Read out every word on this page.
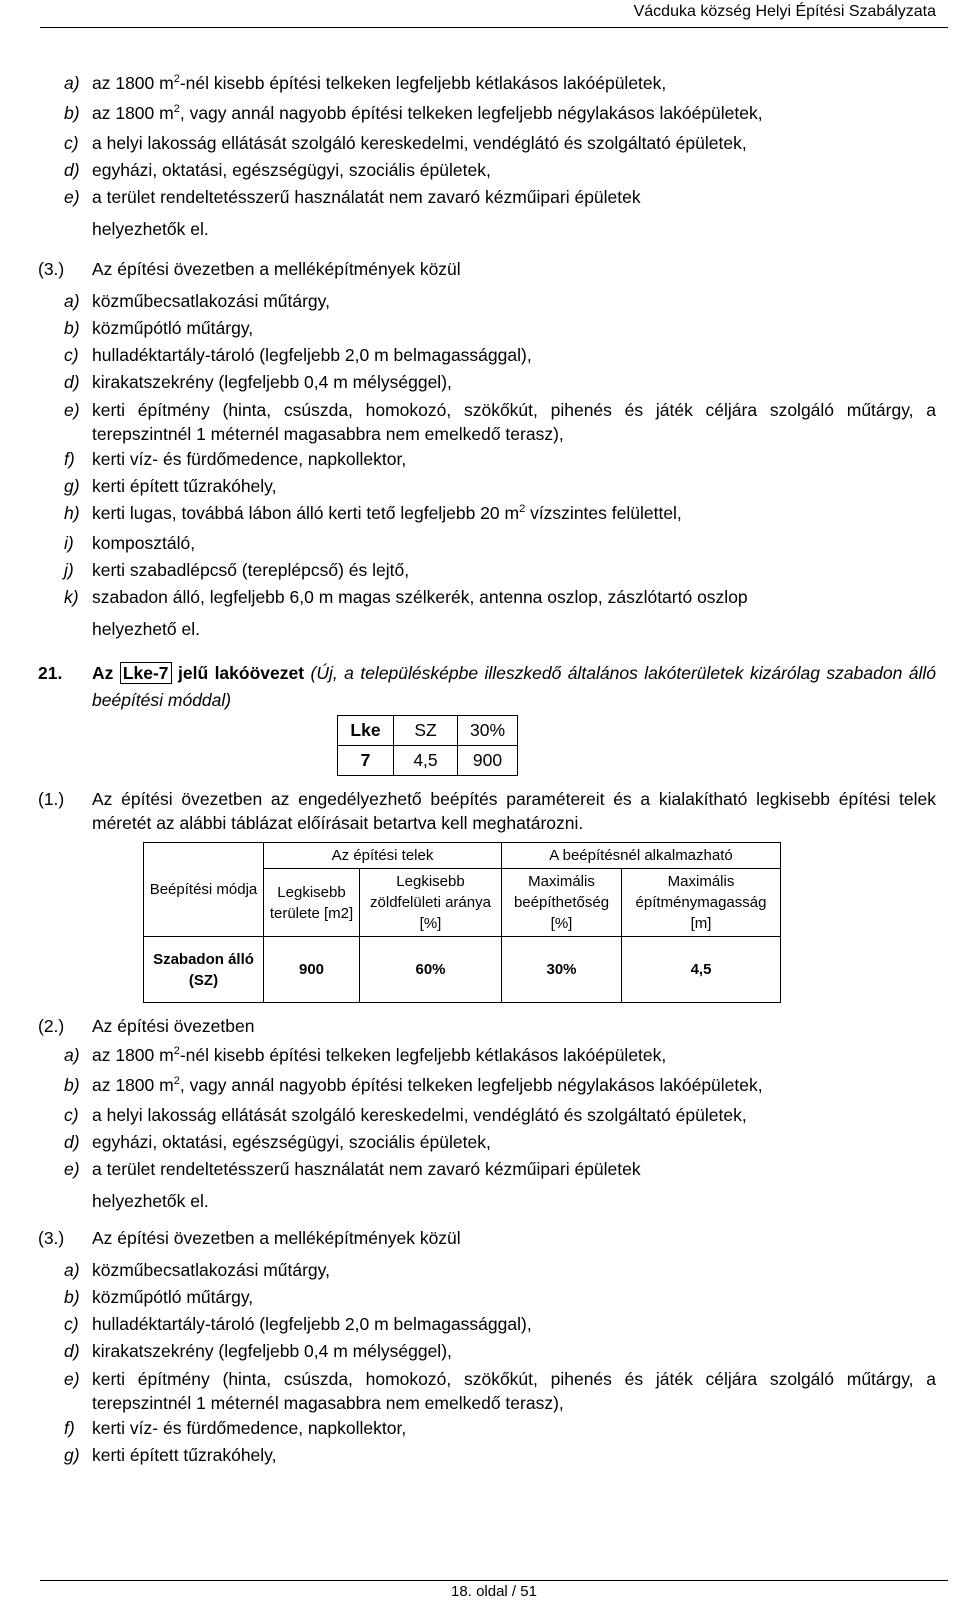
Vácduka község Helyi Építési Szabályzata
a) az 1800 $m^2$-nél kisebb építési telkeken legfeljebb kétlakásos lakóépületek,
b) az 1800 $m^2$, vagy annál nagyobb építési telkeken legfeljebb négylakásos lakóépületek,
c) a helyi lakosság ellátását szolgáló kereskedelmi, vendéglátó és szolgáltató épületek,
d) egyházi, oktatási, egészségügyi, szociális épületek,
e) a terület rendeltetésszerű használatát nem zavaró kézműipari épületek
helyezhetők el.
(3.)	Az építési övezetben a melléképítmények közül
a) közműbecsatlakozási műtárgy,
b) közműpótló műtárgy,
c) hulladéktartály-tároló (legfeljebb 2,0 m belmagassággal),
d) kirakatszekrény (legfeljebb 0,4 m mélységgel),
e) kerti építmény (hinta, csúszda, homokozó, szökőkút, pihenés és játék céljára szolgáló műtárgy, a terepszintnél 1 méternél magasabbra nem emelkedő terasz),
f) kerti víz- és fürdőmedence, napkollektor,
g) kerti épített tűzrakóhely,
h) kerti lugas, továbbá lábon álló kerti tető legfeljebb 20 $m^2$ vízszintes felülettel,
i) komposztáló,
j) kerti szabadlépcső (tereplépcső) és lejtő,
k) szabadon álló, legfeljebb 6,0 m magas szélkerék, antenna oszlop, zászlótartó oszlop
helyezhető el.
21.	Az Lke-7 jelű lakóövezet (Új, a településképbe illeszkedő általános lakóterületek kizárólag szabadon álló beépítési móddal)
Lke	SZ	30%
7	4,5	900
(1.)	Az építési övezetben az engedélyezhető beépítés paramétereit és a kialakítható legkisebb építési telek méretét az alábbi táblázat előírásait betartva kell meghatározni.
Beépítési módja	Az építési telek		A beépítésnél alkalmazható	
	Legkisebb területe [m2]	Legkisebb zöldfelületi aránya [%]	Maximális beépíthetőség [%]	Maximális építménymagasság [m]
Szabadon álló (SZ)	900	60%	30%	4,5
(2.)	Az építési övezetben
a) az 1800 $m^2$-nél kisebb építési telkeken legfeljebb kétlakásos lakóépületek,
b) az 1800 $m^2$, vagy annál nagyobb építési telkeken legfeljebb négylakásos lakóépületek,
c) a helyi lakosság ellátását szolgáló kereskedelmi, vendéglátó és szolgáltató épületek,
d) egyházi, oktatási, egészségügyi, szociális épületek,
e) a terület rendeltetésszerű használatát nem zavaró kézműipari épületek
helyezhetők el.
(3.)	Az építési övezetben a melléképítmények közül
a) közműbecsatlakozási műtárgy,
b) közműpótló műtárgy,
c) hulladéktartály-tároló (legfeljebb 2,0 m belmagassággal),
d) kirakatszekrény (legfeljebb 0,4 m mélységgel),
e) kerti építmény (hinta, csúszda, homokozó, szökőkút, pihenés és játék céljára szolgáló műtárgy, a terepszintnél 1 méternél magasabbra nem emelkedő terasz),
f) kerti víz- és fürdőmedence, napkollektor,
g) kerti épített tűzrakóhely,
18. oldal / 51
